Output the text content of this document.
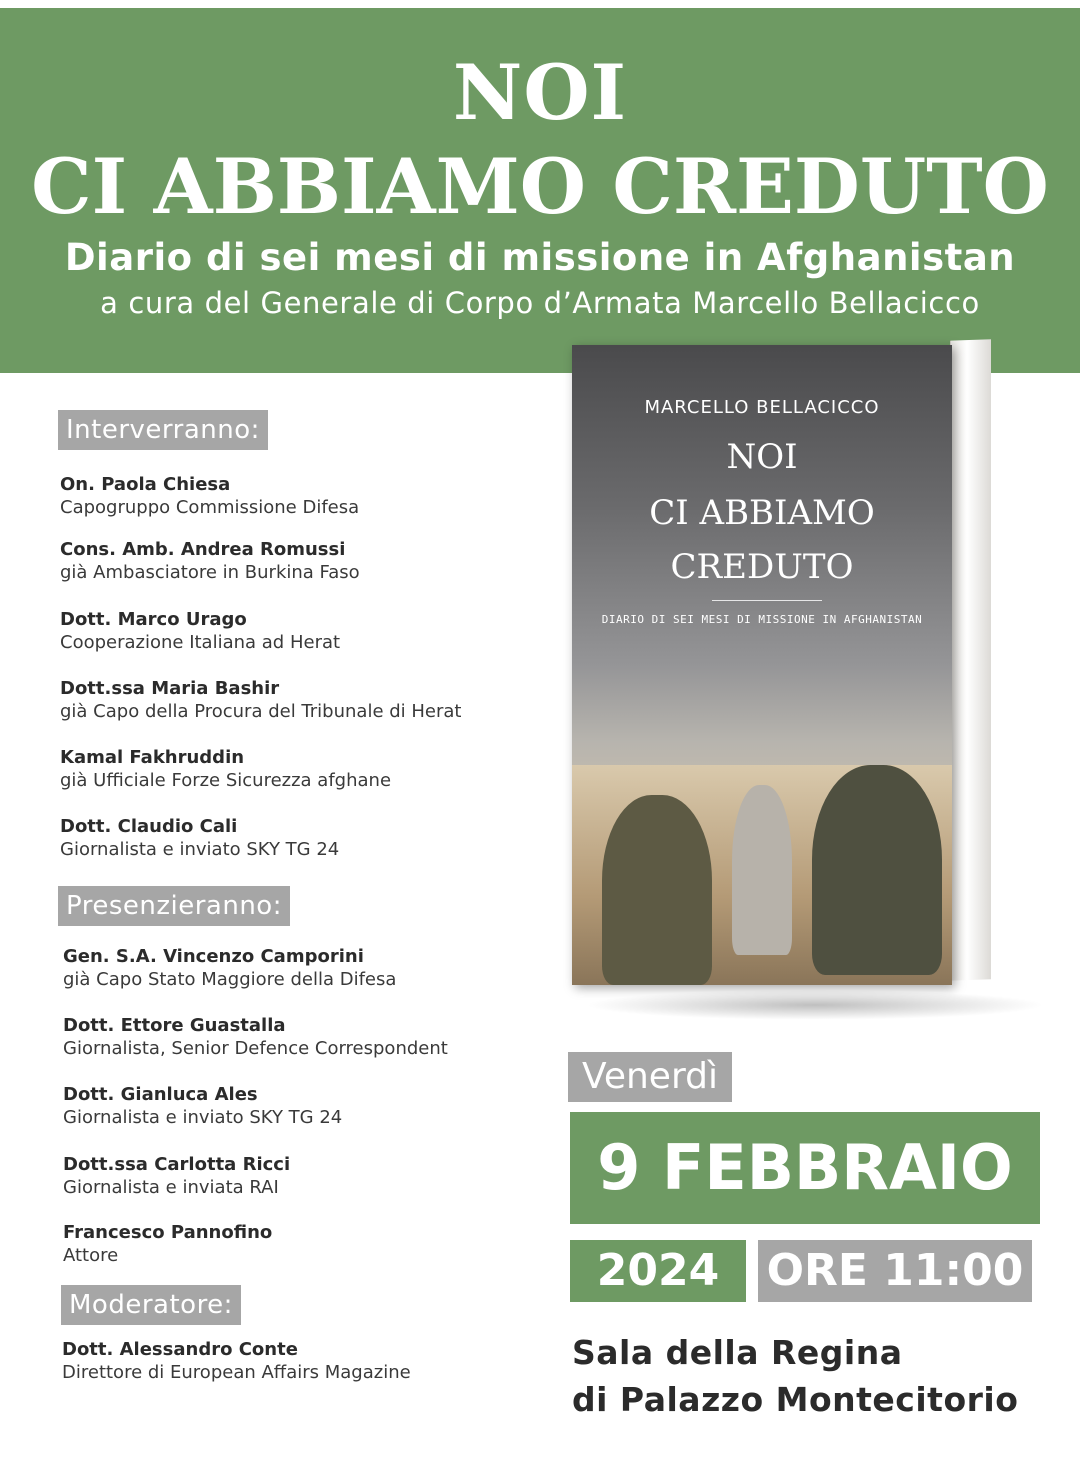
NOI
CI ABBIAMO CREDUTO
Diario di sei mesi di missione in Afghanistan
a cura del Generale di Corpo d’Armata Marcello Bellacicco
Interverranno:
On. Paola Chiesa
Capogruppo Commissione Difesa
Cons. Amb. Andrea Romussi
già Ambasciatore in Burkina Faso
Dott. Marco Urago
Cooperazione Italiana ad Herat
Dott.ssa Maria Bashir
già Capo della Procura del Tribunale di Herat
Kamal Fakhruddin
già Ufficiale Forze Sicurezza afghane
Dott. Claudio Cali
Giornalista e inviato SKY TG 24
Presenzieranno:
Gen. S.A. Vincenzo Camporini
già Capo Stato Maggiore della Difesa
Dott. Ettore Guastalla
Giornalista, Senior Defence Correspondent
Dott. Gianluca Ales
Giornalista e inviato SKY TG 24
Dott.ssa Carlotta Ricci
Giornalista e inviata RAI
Francesco Pannofino
Attore
Moderatore:
Dott. Alessandro Conte
Direttore di European Affairs Magazine
MARCELLO BELLACICCO
NOI
CI ABBIAMO
CREDUTO
DIARIO DI SEI MESI DI MISSIONE IN AFGHANISTAN
Venerdì
9 FEBBRAIO
2024	ORE 11:00
Sala della Regina
di Palazzo Montecitorio
